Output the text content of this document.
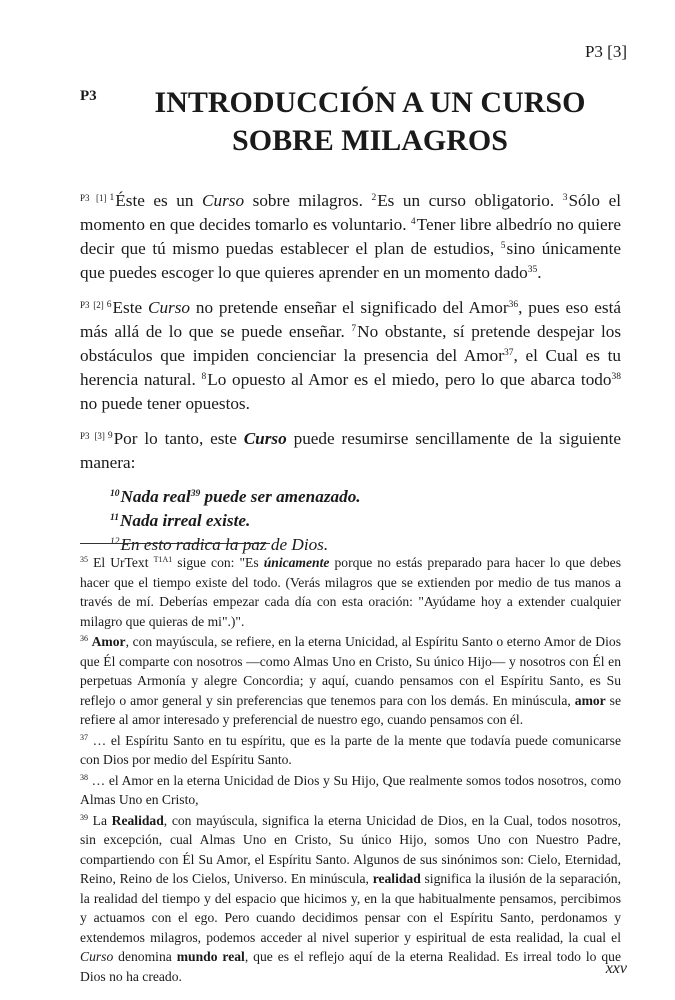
P3 [3]
P3	INTRODUCCIÓN A UN CURSO
SOBRE MILAGROS

$^{P3 [1]}$ $^1$Éste es un Curso sobre milagros. $^2$Es un curso obligatorio. $^3$Sólo el momento en que decides tomarlo es voluntario. $^4$Tener libre albedrío no quiere decir que tú mismo puedas establecer el plan de estudios, $^5$sino únicamente que puedes escoger lo que quieres aprender en un momento dado$^{35}$.

$^{P3 [2]}$ $^6$Este Curso no pretende enseñar el significado del Amor$^{36}$, pues eso está más allá de lo que se puede enseñar. $^7$No obstante, sí pretende despejar los obstáculos que impiden concienciar la presencia del Amor$^{37}$, el Cual es tu herencia natural. $^8$Lo opuesto al Amor es el miedo, pero lo que abarca todo$^{38}$ no puede tener opuestos.

$^{P3 [3]}$ $^9$Por lo tanto, este Curso puede resumirse sencillamente de la siguiente manera:

$^{10}$Nada real$^{39}$ puede ser amenazado.
$^{11}$Nada irreal existe.
$^{12}$En esto radica la paz de Dios.

$^{35}$ El UrText $^{T1A1}$ sigue con: "Es únicamente porque no estás preparado para hacer lo que debes hacer que el tiempo existe del todo. (Verás milagros que se extienden por medio de tus manos a través de mí. Deberías empezar cada día con esta oración: "Ayúdame hoy a extender cualquier milagro que quieras de mi".)".

$^{36}$ Amor, con mayúscula, se refiere, en la eterna Unicidad, al Espíritu Santo o eterno Amor de Dios que Él comparte con nosotros —como Almas Uno en Cristo, Su único Hijo— y nosotros con Él en perpetuas Armonía y alegre Concordia; y aquí, cuando pensamos con el Espíritu Santo, es Su reflejo o amor general y sin preferencias que tenemos para con los demás. En minúscula, amor se refiere al amor interesado y preferencial de nuestro ego, cuando pensamos con él.

$^{37}$ … el Espíritu Santo en tu espíritu, que es la parte de la mente que todavía puede comunicarse con Dios por medio del Espíritu Santo.

$^{38}$ … el Amor en la eterna Unicidad de Dios y Su Hijo, Que realmente somos todos nosotros, como Almas Uno en Cristo,

$^{39}$ La Realidad, con mayúscula, significa la eterna Unicidad de Dios, en la Cual, todos nosotros, sin excepción, cual Almas Uno en Cristo, Su único Hijo, somos Uno con Nuestro Padre, compartiendo con Él Su Amor, el Espíritu Santo. Algunos de sus sinónimos son: Cielo, Eternidad, Reino, Reino de los Cielos, Universo. En minúscula, realidad significa la ilusión de la separación, la realidad del tiempo y del espacio que hicimos y, en la que habitualmente pensamos, percibimos y actuamos con el ego. Pero cuando decidimos pensar con el Espíritu Santo, perdonamos y extendemos milagros, podemos acceder al nivel superior y espiritual de esta realidad, la cual el Curso denomina mundo real, que es el reflejo aquí de la eterna Realidad. Es irreal todo lo que Dios no ha creado.	xxv
